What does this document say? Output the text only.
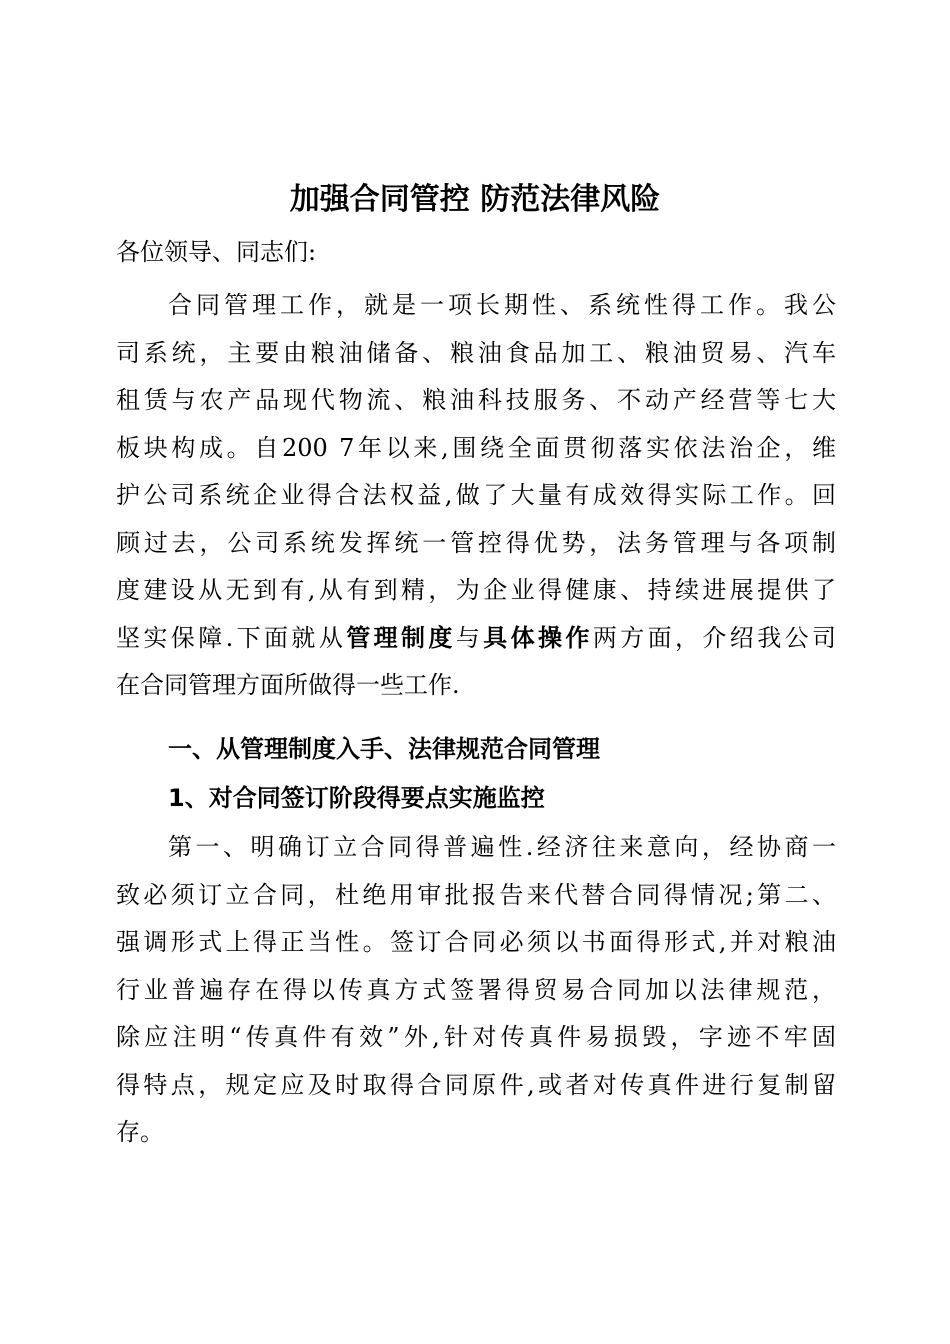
加强合同管控 防范法律风险

各位领导、同志们:

合同管理工作，就是一项长期性、系统性得工作。我公
司系统，主要由粮油储备、粮油食品加工、粮油贸易、汽车
租赁与农产品现代物流、粮油科技服务、不动产经营等七大
板块构成。自200 7年以来,围绕全面贯彻落实依法治企，维
护公司系统企业得合法权益,做了大量有成效得实际工作。回
顾过去，公司系统发挥统一管控得优势，法务管理与各项制
度建设从无到有,从有到精，为企业得健康、持续进展提供了
坚实保障.下面就从管理制度与具体操作两方面，介绍我公司
在合同管理方面所做得一些工作.
一、从管理制度入手、法律规范合同管理
1、对合同签订阶段得要点实施监控
第一、明确订立合同得普遍性.经济往来意向，经协商一
致必须订立合同，杜绝用审批报告来代替合同得情况;第二、
强调形式上得正当性。签订合同必须以书面得形式,并对粮油
行业普遍存在得以传真方式签署得贸易合同加以法律规范，
除应注明“传真件有效”外,针对传真件易损毁，字迹不牢固
得特点，规定应及时取得合同原件,或者对传真件进行复制留
存。
